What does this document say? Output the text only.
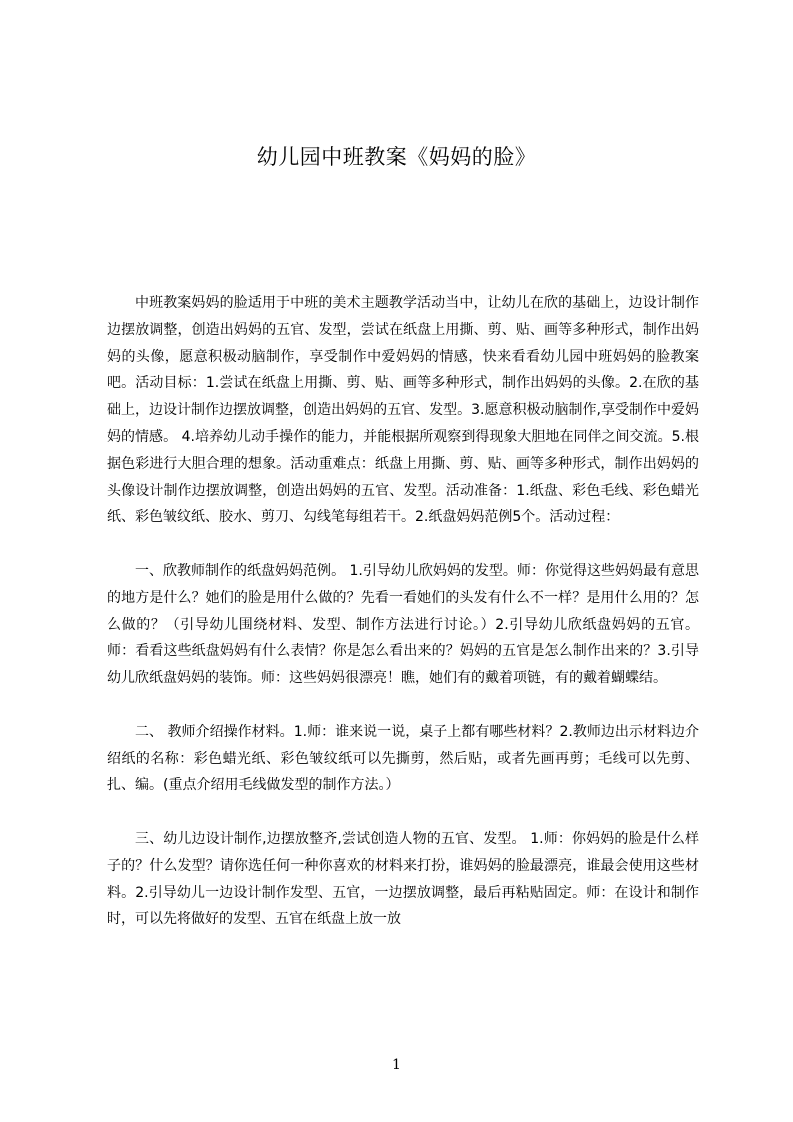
幼儿园中班教案《妈妈的脸》

中班教案妈妈的脸适用于中班的美术主题教学活动当中，让幼儿在欣的基础上，边设计制作边摆放调整，创造出妈妈的五官、发型，尝试在纸盘上用撕、剪、贴、画等多种形式，制作出妈妈的头像，愿意积极动脑制作，享受制作中爱妈妈的情感，快来看看幼儿园中班妈妈的脸教案吧。活动目标：1.尝试在纸盘上用撕、剪、贴、画等多种形式，制作出妈妈的头像。2.在欣的基础上，边设计制作边摆放调整，创造出妈妈的五官、发型。3.愿意积极动脑制作,享受制作中爱妈妈的情感。 4.培养幼儿动手操作的能力，并能根据所观察到得现象大胆地在同伴之间交流。5.根据色彩进行大胆合理的想象。活动重难点：纸盘上用撕、剪、贴、画等多种形式，制作出妈妈的头像设计制作边摆放调整，创造出妈妈的五官、发型。活动准备：1.纸盘、彩色毛线、彩色蜡光纸、彩色皱纹纸、胶水、剪刀、勾线笔每组若干。2.纸盘妈妈范例5个。活动过程：

一、欣教师制作的纸盘妈妈范例。 1.引导幼儿欣妈妈的发型。师：你觉得这些妈妈最有意思的地方是什么？她们的脸是用什么做的？先看一看她们的头发有什么不一样？是用什么用的？怎么做的？（引导幼儿围绕材料、发型、制作方法进行讨论。）2.引导幼儿欣纸盘妈妈的五官。师：看看这些纸盘妈妈有什么表情？你是怎么看出来的？妈妈的五官是怎么制作出来的？3.引导幼儿欣纸盘妈妈的装饰。师：这些妈妈很漂亮！瞧，她们有的戴着项链，有的戴着蝴蝶结。

二、 教师介绍操作材料。1.师：谁来说一说，桌子上都有哪些材料？2.教师边出示材料边介绍纸的名称：彩色蜡光纸、彩色皱纹纸可以先撕剪，然后贴，或者先画再剪；毛线可以先剪、扎、编。(重点介绍用毛线做发型的制作方法。）

三、幼儿边设计制作,边摆放整齐,尝试创造人物的五官、发型。 1.师：你妈妈的脸是什么样子的？什么发型？请你选任何一种你喜欢的材料来打扮，谁妈妈的脸最漂亮，谁最会使用这些材料。2.引导幼儿一边设计制作发型、五官，一边摆放调整，最后再粘贴固定。师：在设计和制作时，可以先将做好的发型、五官在纸盘上放一放

1
